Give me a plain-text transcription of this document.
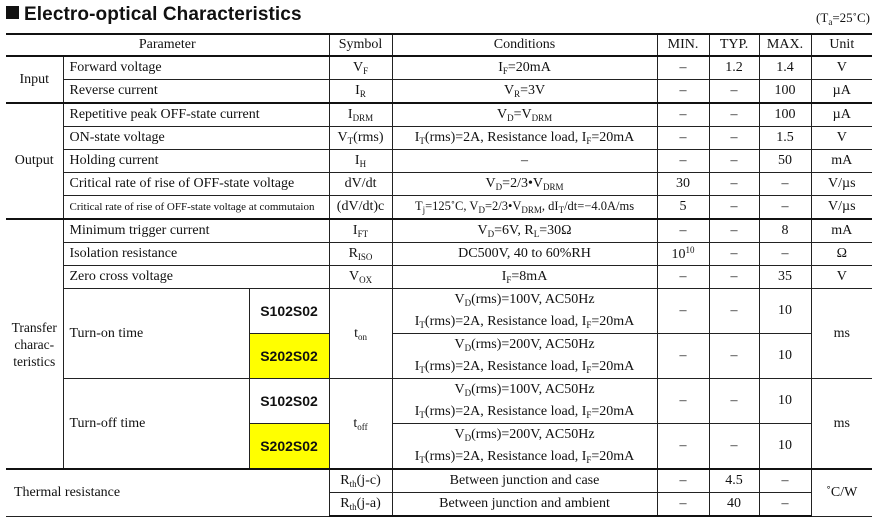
Electro-optical Characteristics	$(T_a=25˚C)$
Parameter			Symbol	Conditions	MIN.	TYP.	MAX.	Unit
Input	Forward voltage		$V_F$	$I_F=20mA$	–	1.2	1.4	V
	Reverse current		$I_R$	$V_R=3V$	–	–	100	µA
Output	Repetitive peak OFF-state current		$I_{DRM}$	$V_D=V_{DRM}$	–	–	100	µA
	ON-state voltage		$V_T(rms)$	$I_T(rms)=2A$, Resistance load, $I_F=20mA$	–	–	1.5	V
	Holding current		$I_H$	–	–	–	50	mA
	Critical rate of rise of OFF-state voltage		dV/dt	$V_D=2/3•V_{DRM}$	30	–	–	V/µs
	Critical rate of rise of OFF-state voltage at commutaion		(dV/dt)c	$T_j=125˚C$, $V_D=2/3•V_{DRM}$, $dI_T/dt=-4.0A/ms$	5	–	–	V/µs
Transfer charac- teristics	Minimum trigger current		$I_{FT}$	$V_D=6V$, $R_L=30\Omega$	–	–	8	mA
	Isolation resistance		$R_{ISO}$	DC500V, 40 to 60%RH	$10^{10}$	–	–	Ω
	Zero cross voltage		$V_{OX}$	$I_F=8mA$	–	–	35	V
	Turn-on time	S102S02	$t_{on}$	$V_D(rms)=100V$, AC50Hz	–	–	10	ms
				$I_T(rms)=2A$, Resistance load, $I_F=20mA$				
		S202S02		$V_D(rms)=200V$, AC50Hz	–	–	10	
				$I_T(rms)=2A$, Resistance load, $I_F=20mA$				
	Turn-off time	S102S02	$t_{off}$	$V_D(rms)=100V$, AC50Hz	–	–	10	ms
				$I_T(rms)=2A$, Resistance load, $I_F=20mA$				
		S202S02		$V_D(rms)=200V$, AC50Hz	–	–	10	
				$I_T(rms)=2A$, Resistance load, $I_F=20mA$				
Thermal resistance			$R_{th}(j-c)$	Between junction and case	–	4.5	–	˚C/W
			$R_{th}(j-a)$	Between junction and ambient	–	40	–	
